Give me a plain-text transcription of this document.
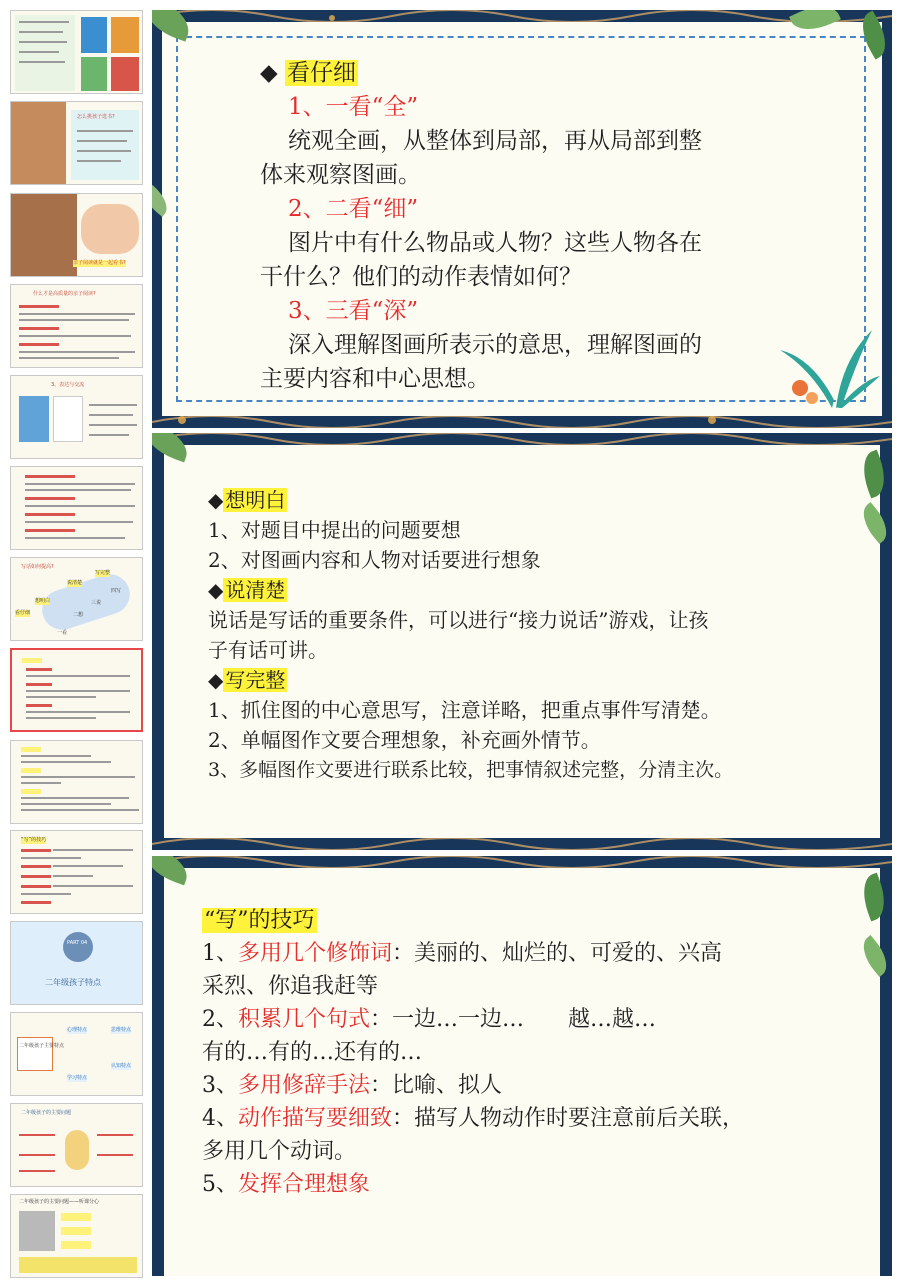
怎么挑孩子选书?
亲子阅读就是一起看书?
什么才是高质量的亲子阅读?
3、表达与交流
写话如何提高?
一看
二想
三说
四写
看仔细
想明白
说清楚
写完整
“写”的技巧
PART 04
二年级孩子特点
二年级孩子主要特点
心理特点	思维特点
学习特点
认知特点
二年级孩子的主要问题
二年级孩子的主要问题——听课分心

◆ 看仔细

1、一看“全”

统观全画，从整体到局部，再从局部到整

体来观察图画。

2、二看“细”

图片中有什么物品或人物？这些人物各在

干什么？他们的动作表情如何？

3、三看“深”

深入理解图画所表示的意思，理解图画的

主要内容和中心思想。

◆ 想明白

1、对题目中提出的问题要想

2、对图画内容和人物对话要进行想象

◆ 说清楚

说话是写话的重要条件，可以进行“接力说话”游戏，让孩

子有话可讲。

◆ 写完整

1、抓住图的中心意思写，注意详略，把重点事件写清楚。

2、单幅图作文要合理想象，补充画外情节。

3、多幅图作文要进行联系比较，把事情叙述完整，分清主次。

“写”的技巧

1、多用几个修饰词：美丽的、灿烂的、可爱的、兴高

采烈、你追我赶等

2、积累几个句式：一边…一边…　　越…越…

有的…有的…还有的…

3、多用修辞手法：比喻、拟人

4、动作描写要细致：描写人物动作时要注意前后关联，

多用几个动词。

5、发挥合理想象
